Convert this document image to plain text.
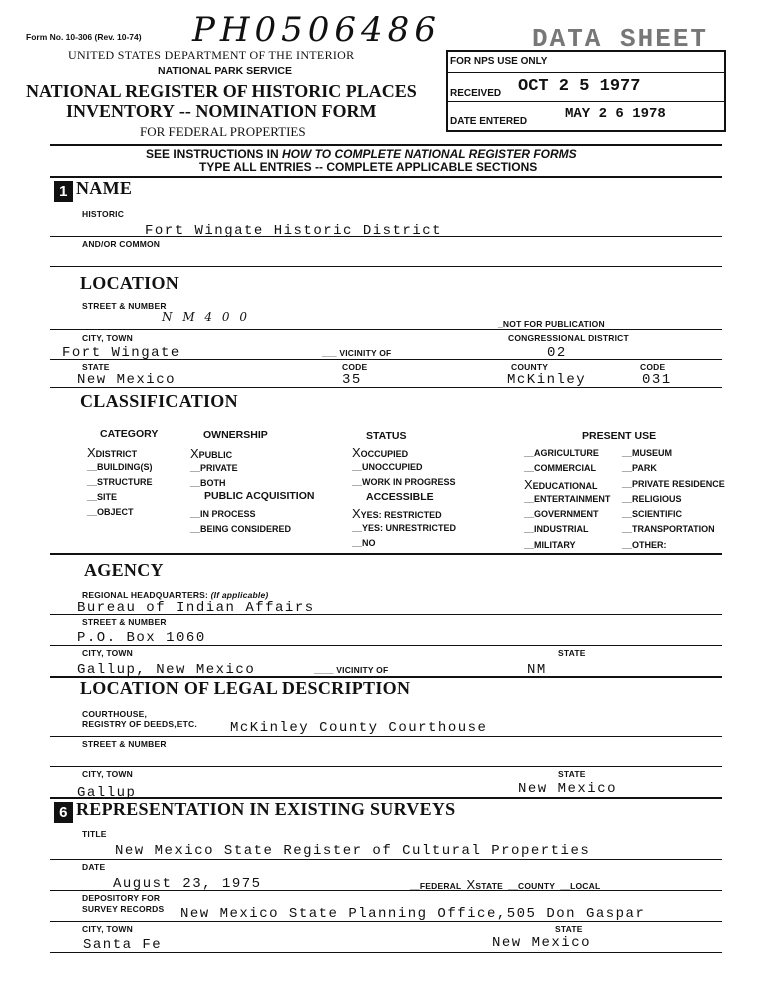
Form No. 10-306 (Rev. 10-74) PH0506486
UNITED STATES DEPARTMENT OF THE INTERIOR
NATIONAL PARK SERVICE
NATIONAL REGISTER OF HISTORIC PLACES
INVENTORY -- NOMINATION FORM
FOR FEDERAL PROPERTIES
FOR NPS USE ONLY
DATA SHEET
RECEIVED OCT 2 5 1977
DATE ENTERED	MAY 2 6 1978
SEE INSTRUCTIONS IN HOW TO COMPLETE NATIONAL REGISTER FORMS
TYPE ALL ENTRIES -- COMPLETE APPLICABLE SECTIONS
1 NAME
HISTORIC
Fort Wingate Historic District
AND/OR COMMON
LOCATION
STREET & NUMBER
N M 4 0 0	_NOT FOR PUBLICATION
CITY, TOWN	CONGRESSIONAL DISTRICT
Fort Wingate	___ VICINITY OF	02
STATE	CODE	COUNTY	CODE
New Mexico	35	McKinley	031
CLASSIFICATION
CATEGORY
XDISTRICT
__BUILDING(S)
__STRUCTURE
__SITE
__OBJECT
OWNERSHIP
XPUBLIC
__PRIVATE
__BOTH
PUBLIC ACQUISITION
__IN PROCESS
__BEING CONSIDERED
STATUS
XOCCUPIED
__UNOCCUPIED
__WORK IN PROGRESS
ACCESSIBLE
XYES: RESTRICTED
__YES: UNRESTRICTED
__NO
PRESENT USE
__AGRICULTURE
__COMMERCIAL
XEDUCATIONAL
__ENTERTAINMENT
__GOVERNMENT
__INDUSTRIAL
__MILITARY
__MUSEUM
__PARK
__PRIVATE RESIDENCE
__RELIGIOUS
__SCIENTIFIC
__TRANSPORTATION
__OTHER:
AGENCY
REGIONAL HEADQUARTERS: (If applicable)
Bureau of Indian Affairs
STREET & NUMBER
P.O. Box 1060
CITY, TOWN	STATE
Gallup, New Mexico	____ VICINITY OF	NM
LOCATION OF LEGAL DESCRIPTION
COURTHOUSE,
REGISTRY OF DEEDS,ETC. McKinley County Courthouse
STREET & NUMBER
CITY, TOWN	STATE
Gallup	New Mexico
6 REPRESENTATION IN EXISTING SURVEYS
TITLE
New Mexico State Register of Cultural Properties
DATE
August 23, 1975	__FEDERAL XSTATE __COUNTY __LOCAL
DEPOSITORY FOR
SURVEY RECORDS New Mexico State Planning Office,505 Don Gaspar
CITY, TOWN	STATE
Santa Fe	New Mexico
